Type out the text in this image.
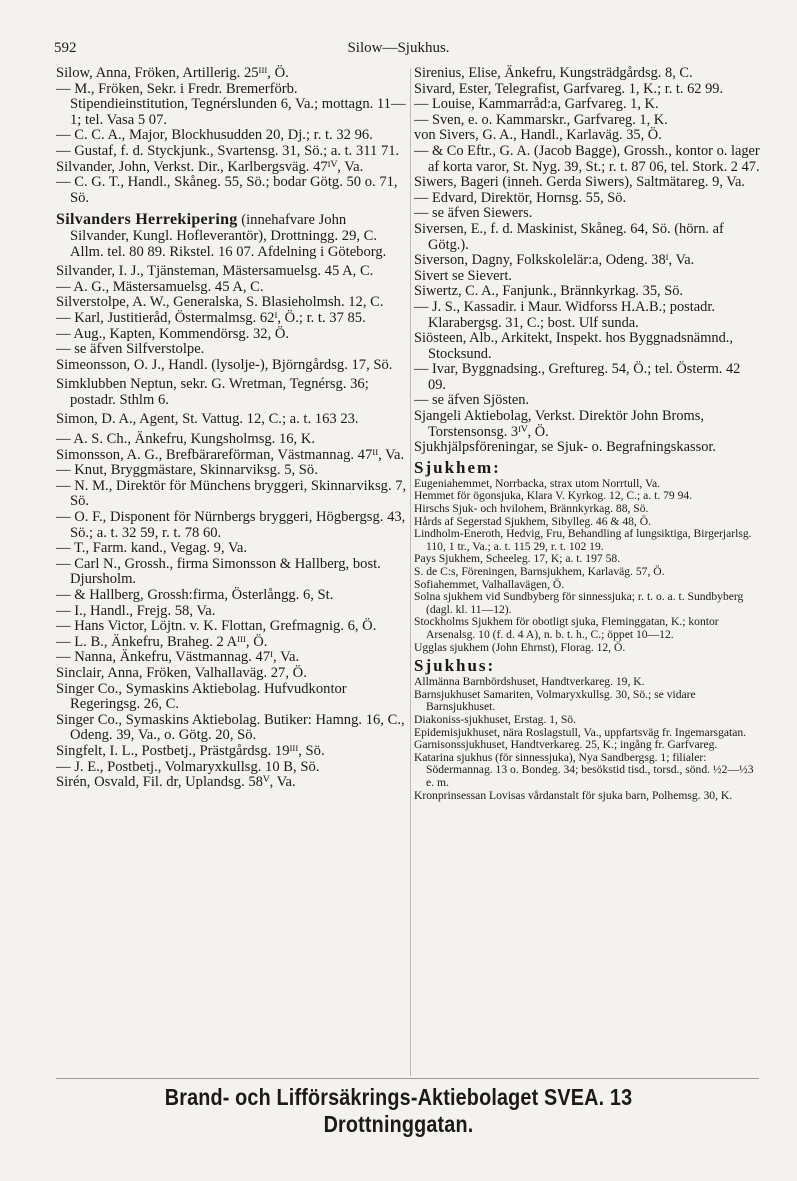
592	Silow—Sjukhus.

Silow, Anna, Fröken, Artillerig. 25ᴵᴵᴵ, Ö.

— M., Fröken, Sekr. i Fredr. Bremerförb. Stipendieinstitution, Tegnérslunden 6, Va.; mottagn. 11—1; tel. Vasa 5 07.

— C. C. A., Major, Blockhusudden 20, Dj.; r. t. 32 96.

— Gustaf, f. d. Styckjunk., Svartensg. 31, Sö.; a. t. 311 71.

Silvander, John, Verkst. Dir., Karlbergsväg. 47ᴵⱽ, Va.

— C. G. T., Handl., Skåneg. 55, Sö.; bodar Götg. 50 o. 71, Sö.

Silvanders Herrekipering (innehafvare John Silvander, Kungl. Hofleverantör), Drottningg. 29, C. Allm. tel. 80 89. Rikstel. 16 07. Afdelning i Göteborg.

Silvander, I. J., Tjänsteman, Mästersamuelsg. 45 A, C.

— A. G., Mästersamuelsg. 45 A, C.

Silverstolpe, A. W., Generalska, S. Blasieholmsh. 12, C.

— Karl, Justitieråd, Östermalmsg. 62ᴵ, Ö.; r. t. 37 85.

— Aug., Kapten, Kommendörsg. 32, Ö.

— se äfven Silfverstolpe.

Simeonsson, O. J., Handl. (lysolje-), Björngårdsg. 17, Sö.

Simklubben Neptun, sekr. G. Wretman, Tegnérsg. 36; postadr. Sthlm 6.

Simon, D. A., Agent, St. Vattug. 12, C.; a. t. 163 23.

— A. S. Ch., Änkefru, Kungsholmsg. 16, K.

Simonsson, A. G., Brefbärareförman, Västmannag. 47ᴵᴵ, Va.

— Knut, Bryggmästare, Skinnarviksg. 5, Sö.

— N. M., Direktör för Münchens bryggeri, Skinnarviksg. 7, Sö.

— O. F., Disponent för Nürnbergs bryggeri, Högbergsg. 43, Sö.; a. t. 32 59, r. t. 78 60.

— T., Farm. kand., Vegag. 9, Va.

— Carl N., Grossh., firma Simonsson & Hallberg, bost. Djursholm.

— & Hallberg, Grossh:firma, Österlångg. 6, St.

— I., Handl., Frejg. 58, Va.

— Hans Victor, Löjtn. v. K. Flottan, Grefmagnig. 6, Ö.

— L. B., Änkefru, Braheg. 2 Aᴵᴵᴵ, Ö.

— Nanna, Änkefru, Västmannag. 47ᴵ, Va.

Sinclair, Anna, Fröken, Valhallaväg. 27, Ö.

Singer Co., Symaskins Aktiebolag. Hufvudkontor Regeringsg. 26, C.

Singer Co., Symaskins Aktiebolag. Butiker: Hamng. 16, C., Odeng. 39, Va., o. Götg. 20, Sö.

Singfelt, I. L., Postbetj., Prästgårdsg. 19ᴵᴵᴵ, Sö.

— J. E., Postbetj., Volmaryxkullsg. 10 B, Sö.

Sirén, Osvald, Fil. dr, Uplandsg. 58ⱽ, Va.

Sirenius, Elise, Änkefru, Kungsträdgårdsg. 8, C.

Sivard, Ester, Telegrafist, Garfvareg. 1, K.; r. t. 62 99.

— Louise, Kammarråd:a, Garfvareg. 1, K.

— Sven, e. o. Kammarskr., Garfvareg. 1, K.

von Sivers, G. A., Handl., Karlaväg. 35, Ö.

— & Co Eftr., G. A. (Jacob Bagge), Grossh., kontor o. lager af korta varor, St. Nyg. 39, St.; r. t. 87 06, tel. Stork. 2 47.

Siwers, Bageri (inneh. Gerda Siwers), Saltmätareg. 9, Va.

— Edvard, Direktör, Hornsg. 55, Sö.

— se äfven Siewers.

Siversen, E., f. d. Maskinist, Skåneg. 64, Sö. (hörn. af Götg.).

Siverson, Dagny, Folkskolelär:a, Odeng. 38ᴵ, Va.

Sivert se Sievert.

Siwertz, C. A., Fanjunk., Brännkyrkag. 35, Sö.

— J. S., Kassadir. i Maur. Widforss H.A.B.; postadr. Klarabergsg. 31, C.; bost. Ulf sunda.

Siösteen, Alb., Arkitekt, Inspekt. hos Byggnadsnämnd., Stocksund.

— Ivar, Byggnadsing., Greftureg. 54, Ö.; tel. Österm. 42 09.

— se äfven Sjösten.

Sjangeli Aktiebolag, Verkst. Direktör John Broms, Torstensonsg. 3ᴵⱽ, Ö.

Sjukhjälpsföreningar, se Sjuk- o. Begrafningskassor.

Sjukhem:

Eugeniahemmet, Norrbacka, strax utom Norrtull, Va.

Hemmet för ögonsjuka, Klara V. Kyrkog. 12, C.; a. t. 79 94.

Hirschs Sjuk- och hvilohem, Brännkyrkag. 88, Sö.

Hårds af Segerstad Sjukhem, Sibylleg. 46 & 48, Ö.

Lindholm-Eneroth, Hedvig, Fru, Behandling af lungsiktiga, Birgerjarlsg. 110, 1 tr., Va.; a. t. 115 29, r. t. 102 19.

Pays Sjukhem, Scheeleg. 17, K; a. t. 197 58.

S. de C:s, Föreningen, Barnsjukhem, Karlaväg. 57, Ö.

Sofiahemmet, Valhallavägen, Ö.

Solna sjukhem vid Sundbyberg för sinnessjuka; r. t. o. a. t. Sundbyberg (dagl. kl. 11—12).

Stockholms Sjukhem för obotligt sjuka, Fleminggatan, K.; kontor Arsenalsg. 10 (f. d. 4 A), n. b. t. h., C.; öppet 10—12.

Ugglas sjukhem (John Ehrnst), Florag. 12, Ö.

Sjukhus:

Allmänna Barnbördshuset, Handtverkareg. 19, K.

Barnsjukhuset Samariten, Volmaryxkullsg. 30, Sö.; se vidare Barnsjukhuset.

Diakoniss-sjukhuset, Erstag. 1, Sö.

Epidemisjukhuset, nära Roslagstull, Va., uppfartsväg fr. Ingemarsgatan.

Garnisonssjukhuset, Handtverkareg. 25, K.; ingång fr. Garfvareg.

Katarina sjukhus (för sinnessjuka), Nya Sandbergsg. 1; filialer: Södermannag. 13 o. Bondeg. 34; besökstid tisd., torsd., sönd. ½2—½3 e. m.

Kronprinsessan Lovisas vårdanstalt för sjuka barn, Polhemsg. 30, K.

Brand- och Lifförsäkrings-Aktiebolaget SVEA. 13 Drottninggatan.
